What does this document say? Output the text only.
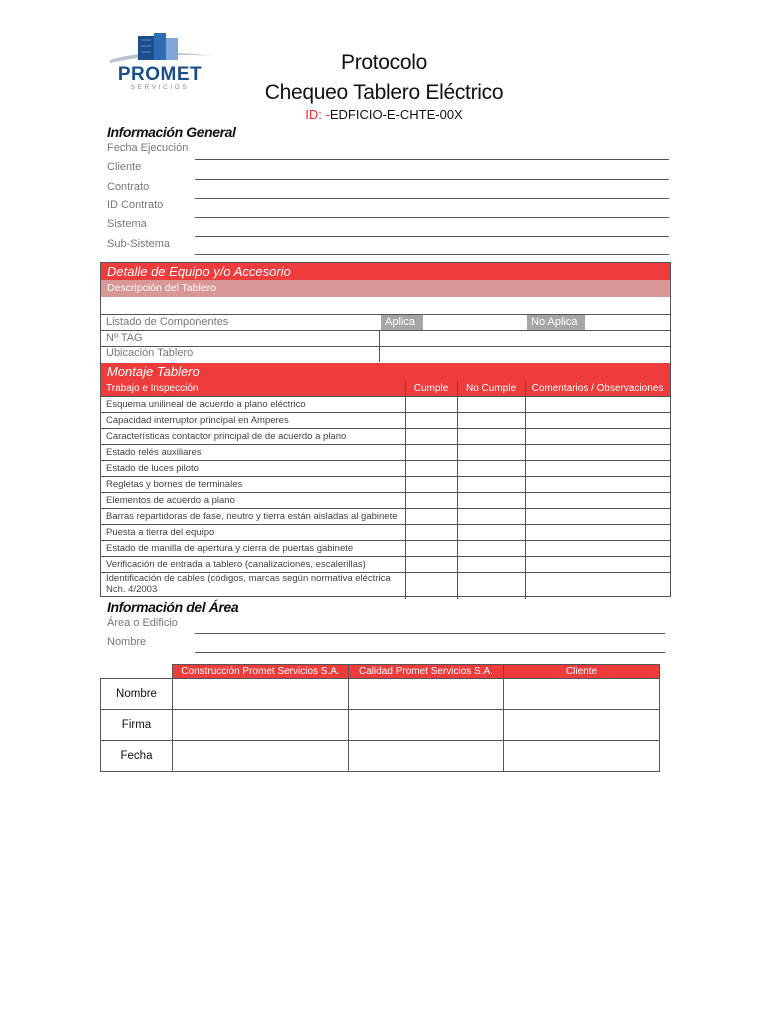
PROMET
SERVICIOS
Protocolo
Chequeo Tablero Eléctrico
ID: -EDFICIO-E-CHTE-00X
Información General
Fecha Ejecución
Cliente
Contrato
ID Contrato
Sistema
Sub-Sistema
Detalle de Equipo y/o Accesorio
Descripción del Tablero
Listado de Componentes	Aplica	No Aplica
Nº TAG
Ubicación Tablero
Montaje Tablero
Trabajo e Inspección	Cumple	No Cumple	Comentarios / Observaciones
Esquema unilineal de acuerdo a plano eléctrico
Capacidad interruptor principal en Amperes
Características contactor principal de de acuerdo a plano
Estado relés auxiliares
Estado de luces piloto
Regletas y bornes de terminales
Elementos de acuerdo a plano
Barras repartidoras de fase, neutro y tierra están aisladas al gabinete
Puesta a tierra del equipo
Estado de manilla de apertura y cierra de puertas gabinete
Verificación de entrada a tablero (canalizaciones, escalerillas)
Identificación de cables (códigos, marcas según normativa eléctrica Nch. 4/2003
Información del Área
Área o Edificio
Nombre
Construcción Promet Servicios S.A.	Calidad Promet Servicios S.A.	Cliente
Nombre
Firma
Fecha
